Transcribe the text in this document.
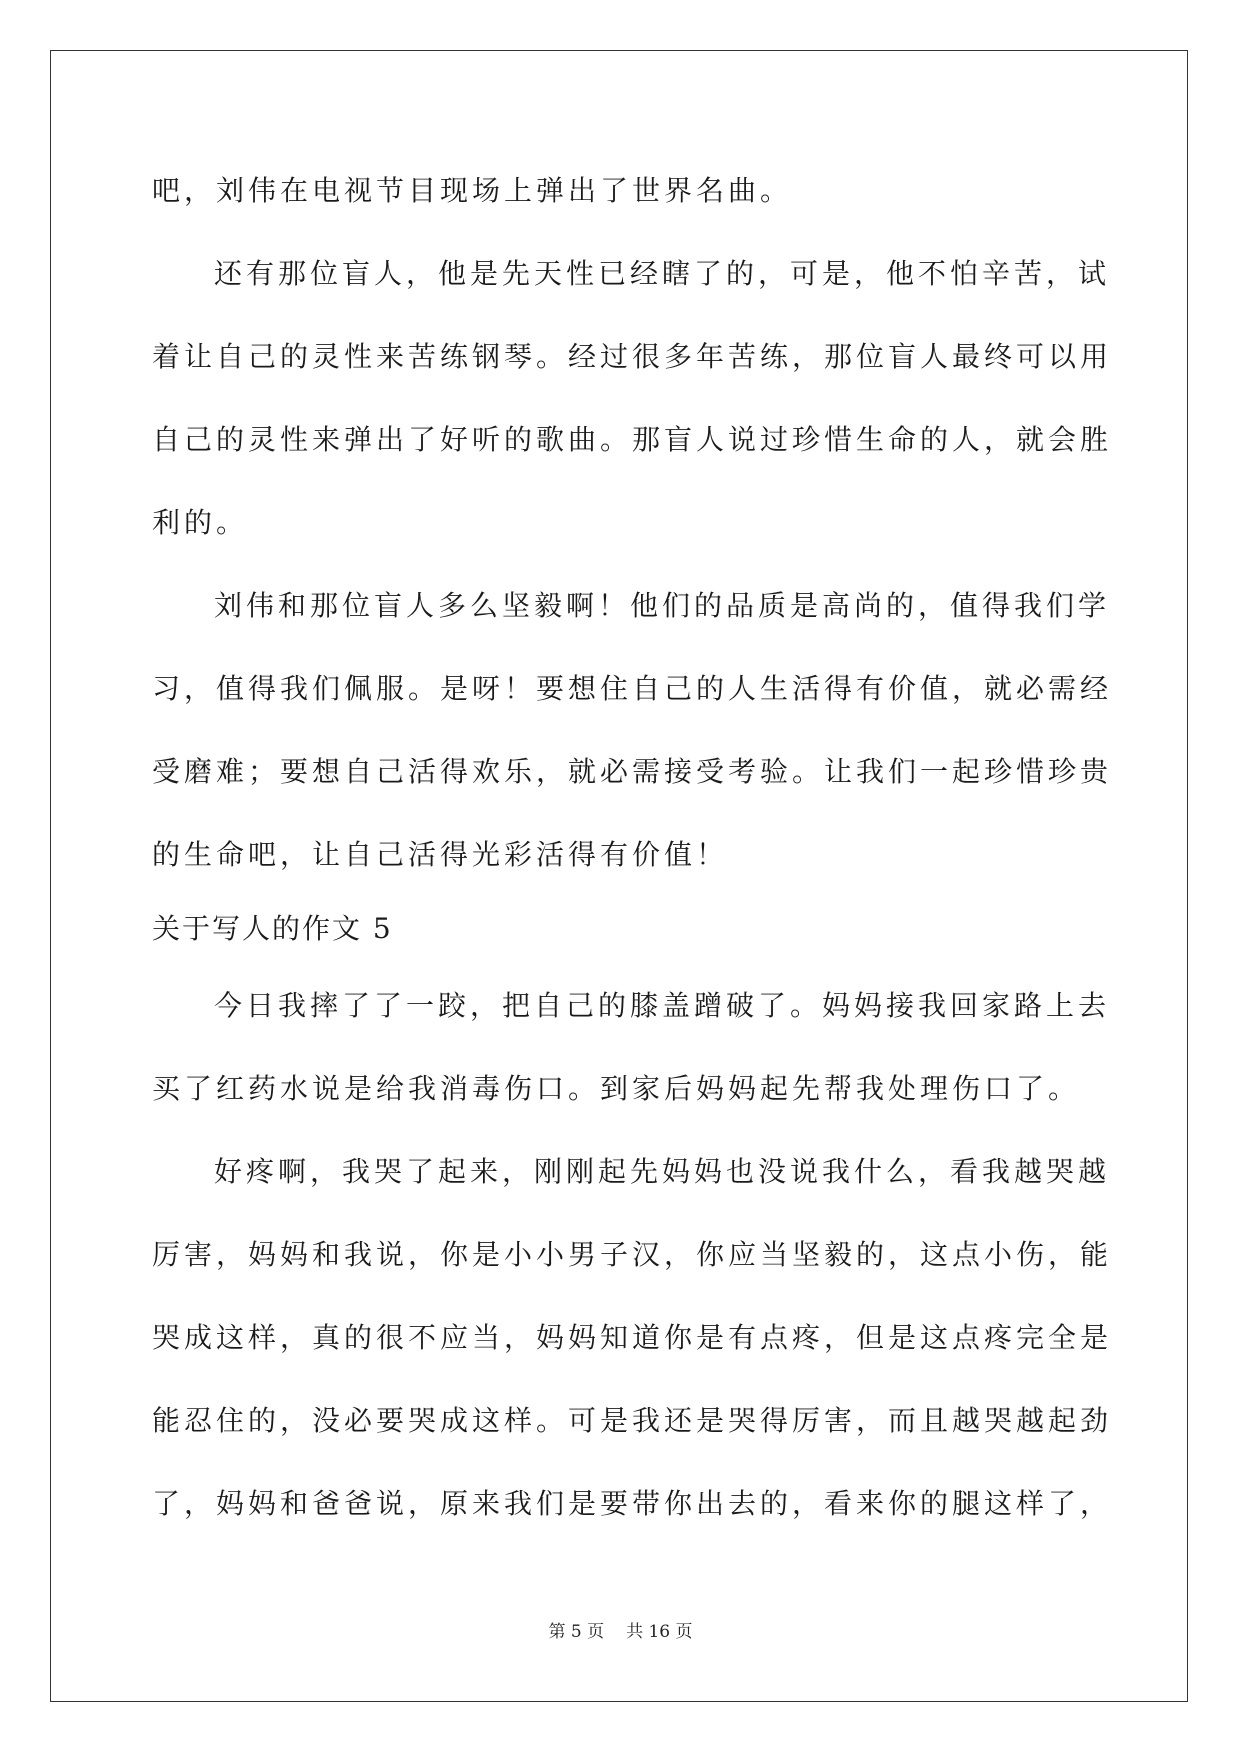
吧，刘伟在电视节目现场上弹出了世界名曲。
还有那位盲人，他是先天性已经瞎了的，可是，他不怕辛苦，试
着让自己的灵性来苦练钢琴。经过很多年苦练，那位盲人最终可以用
自己的灵性来弹出了好听的歌曲。那盲人说过珍惜生命的人，就会胜
利的。
刘伟和那位盲人多么坚毅啊！他们的品质是高尚的，值得我们学
习，值得我们佩服。是呀！要想住自己的人生活得有价值，就必需经
受磨难；要想自己活得欢乐，就必需接受考验。让我们一起珍惜珍贵
的生命吧，让自己活得光彩活得有价值！
关于写人的作文 5
今日我摔了了一跤，把自己的膝盖蹭破了。妈妈接我回家路上去
买了红药水说是给我消毒伤口。到家后妈妈起先帮我处理伤口了。
好疼啊，我哭了起来，刚刚起先妈妈也没说我什么，看我越哭越
厉害，妈妈和我说，你是小小男子汉，你应当坚毅的，这点小伤，能
哭成这样，真的很不应当，妈妈知道你是有点疼，但是这点疼完全是
能忍住的，没必要哭成这样。可是我还是哭得厉害，而且越哭越起劲
了，妈妈和爸爸说，原来我们是要带你出去的，看来你的腿这样了，
第 5 页 共 16 页
